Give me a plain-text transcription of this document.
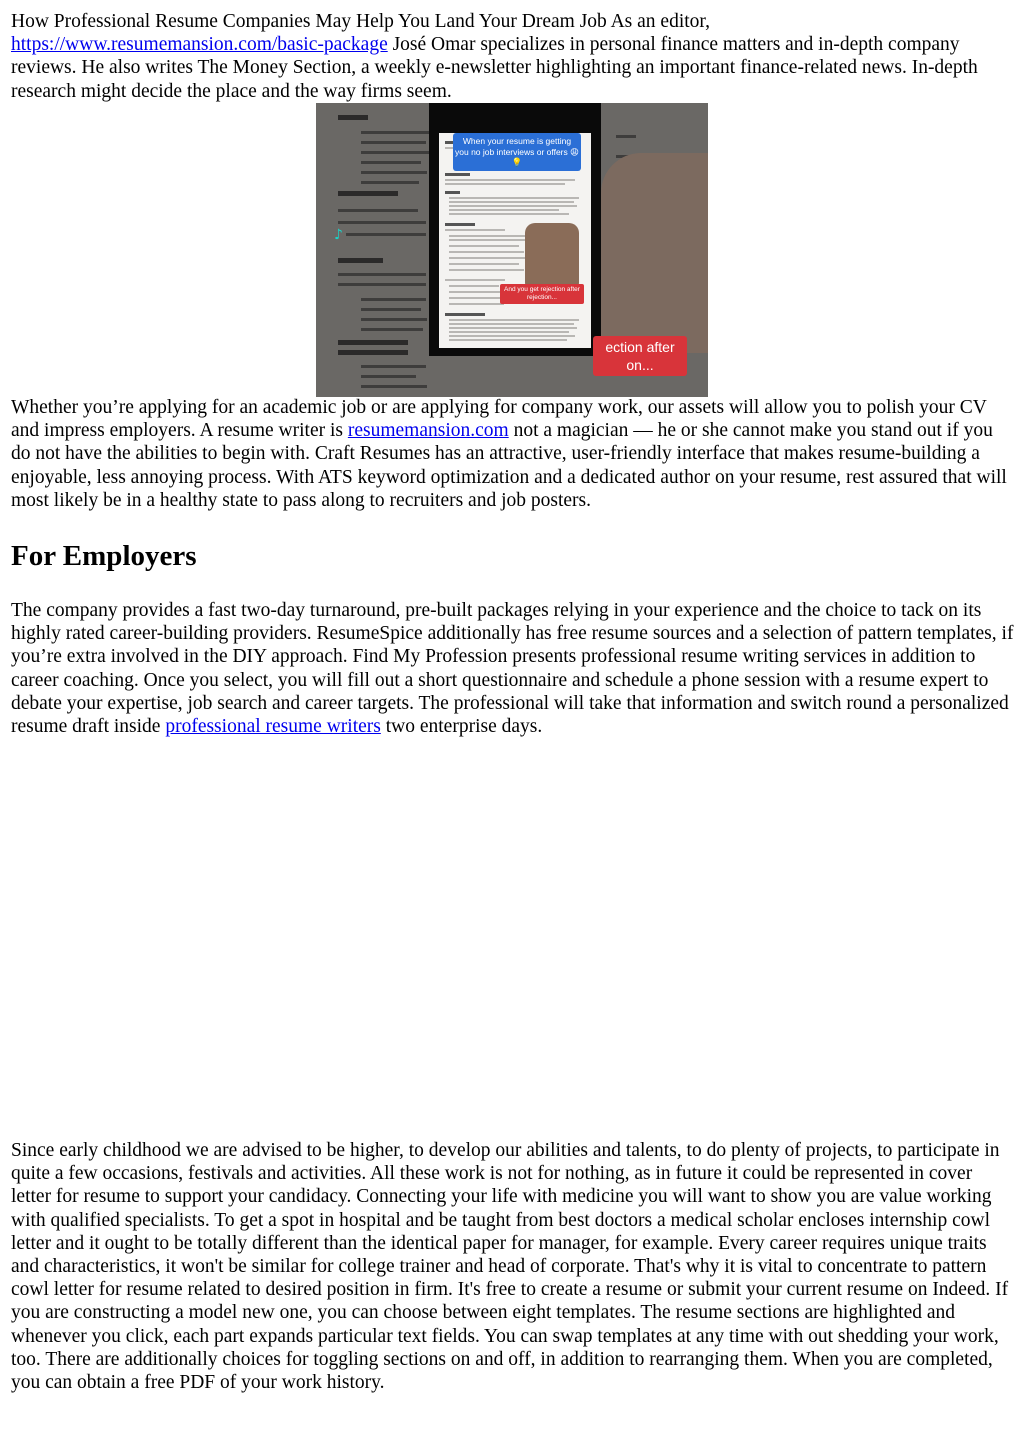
How Professional Resume Companies May Help You Land Your Dream Job As an editor, https://www.resumemansion.com/basic-package José Omar specializes in personal finance matters and in-depth company reviews. He also writes The Money Section, a weekly e-newsletter highlighting an important finance-related news. In-depth research might decide the place and the way firms seem.

♪
When your resume is getting you no job interviews or offers 😩💡
And you get rejection after rejection...
ection after on...

Whether you’re applying for an academic job or are applying for company work, our assets will allow you to polish your CV and impress employers. A resume writer is resumemansion.com not a magician — he or she cannot make you stand out if you do not have the abilities to begin with. Craft Resumes has an attractive, user-friendly interface that makes resume-building a enjoyable, less annoying process. With ATS keyword optimization and a dedicated author on your resume, rest assured that will most likely be in a healthy state to pass along to recruiters and job posters.

For Employers

The company provides a fast two-day turnaround, pre-built packages relying in your experience and the choice to tack on its highly rated career-building providers. ResumeSpice additionally has free resume sources and a selection of pattern templates, if you’re extra involved in the DIY approach. Find My Profession presents professional resume writing services in addition to career coaching. Once you select, you will fill out a short questionnaire and schedule a phone session with a resume expert to debate your expertise, job search and career targets. The professional will take that information and switch round a personalized resume draft inside professional resume writers two enterprise days.

Since early childhood we are advised to be higher, to develop our abilities and talents, to do plenty of projects, to participate in quite a few occasions, festivals and activities. All these work is not for nothing, as in future it could be represented in cover letter for resume to support your candidacy. Connecting your life with medicine you will want to show you are value working with qualified specialists. To get a spot in hospital and be taught from best doctors a medical scholar encloses internship cowl letter and it ought to be totally different than the identical paper for manager, for example. Every career requires unique traits and characteristics, it won't be similar for college trainer and head of corporate. That's why it is vital to concentrate to pattern cowl letter for resume related to desired position in firm. It's free to create a resume or submit your current resume on Indeed. If you are constructing a model new one, you can choose between eight templates. The resume sections are highlighted and whenever you click, each part expands particular text fields. You can swap templates at any time with out shedding your work, too. There are additionally choices for toggling sections on and off, in addition to rearranging them. When you are completed, you can obtain a free PDF of your work history.
